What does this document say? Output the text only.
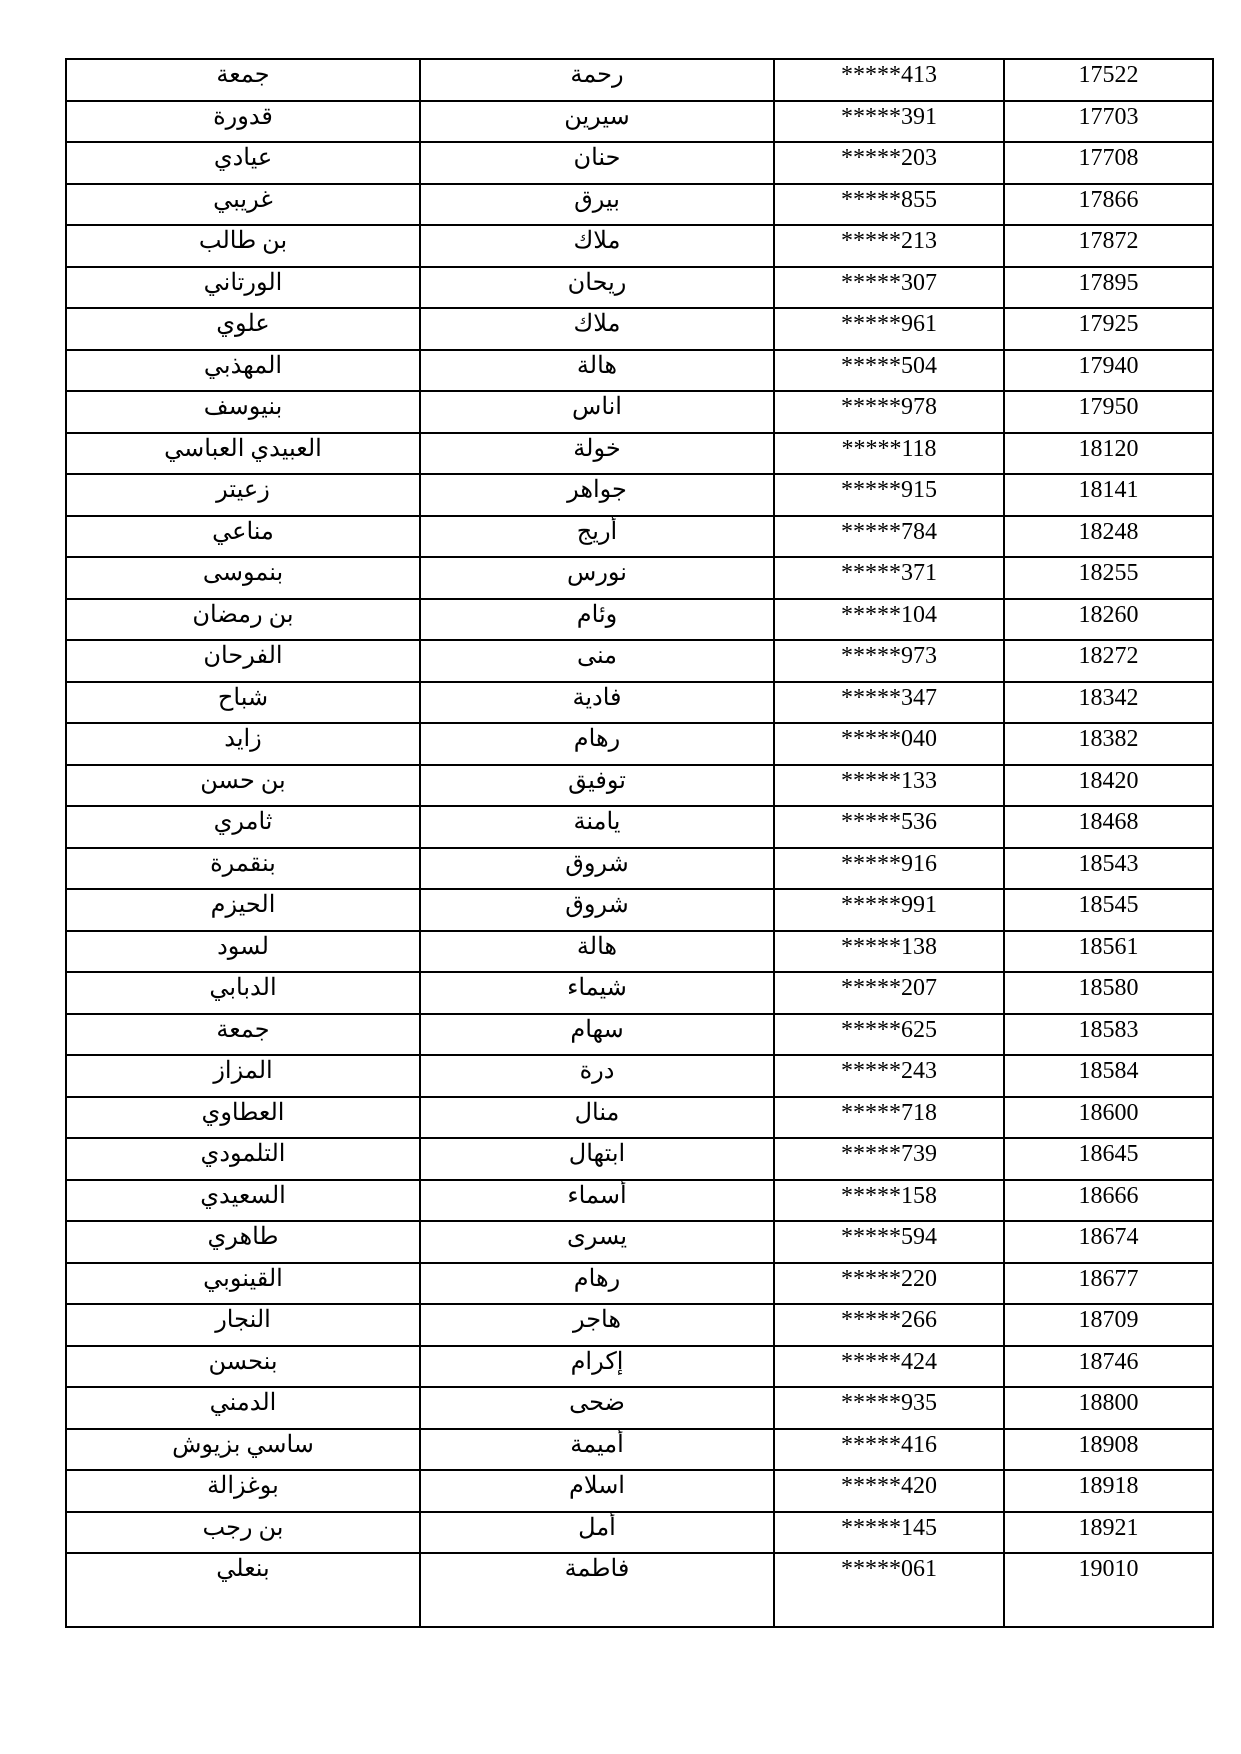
جمعة	رحمة	*****413	17522
قدورة	سيرين	*****391	17703
عيادي	حنان	*****203	17708
غريبي	بيرق	*****855	17866
بن طالب	ملاك	*****213	17872
الورتاني	ريحان	*****307	17895
علوي	ملاك	*****961	17925
المهذبي	هالة	*****504	17940
بنيوسف	اناس	*****978	17950
العبيدي العباسي	خولة	*****118	18120
زعيتر	جواهر	*****915	18141
مناعي	أريج	*****784	18248
بنموسى	نورس	*****371	18255
بن رمضان	وئام	*****104	18260
الفرحان	منى	*****973	18272
شباح	فادية	*****347	18342
زايد	رهام	*****040	18382
بن حسن	توفيق	*****133	18420
ثامري	يامنة	*****536	18468
بنقمرة	شروق	*****916	18543
الحيزم	شروق	*****991	18545
لسود	هالة	*****138	18561
الدبابي	شيماء	*****207	18580
جمعة	سهام	*****625	18583
المزاز	درة	*****243	18584
العطاوي	منال	*****718	18600
التلمودي	ابتهال	*****739	18645
السعيدي	أسماء	*****158	18666
طاهري	يسرى	*****594	18674
القينوبي	رهام	*****220	18677
النجار	هاجر	*****266	18709
بنحسن	إكرام	*****424	18746
الدمني	ضحى	*****935	18800
ساسي بزيوش	أميمة	*****416	18908
بوغزالة	اسلام	*****420	18918
بن رجب	أمل	*****145	18921
بنعلي	فاطمة	*****061	19010
